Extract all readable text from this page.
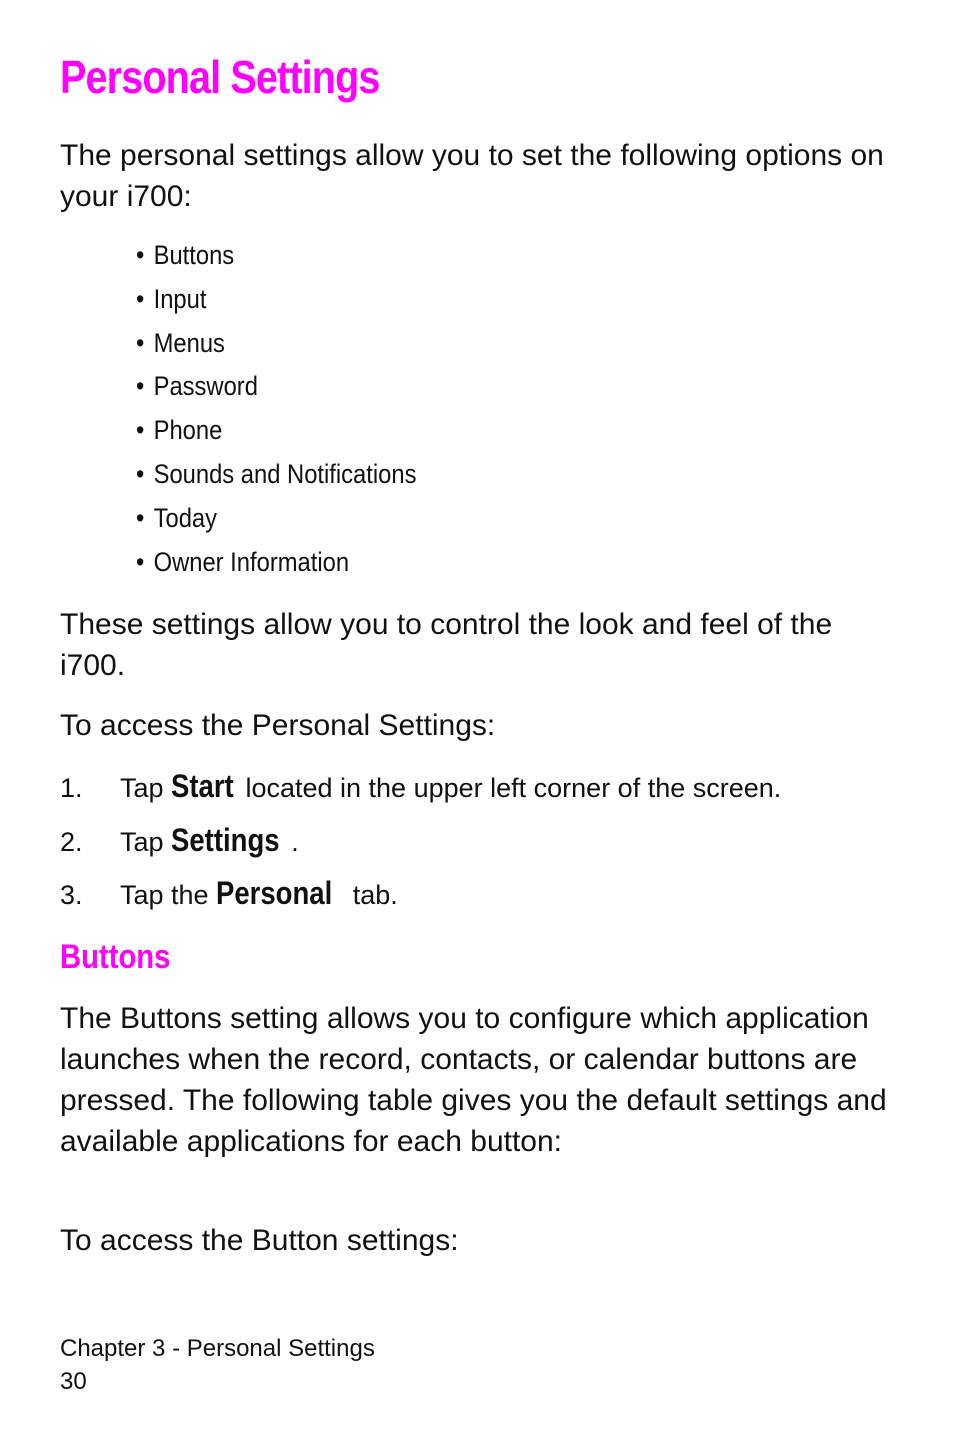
Personal Settings

The personal settings allow you to set the following options on your i700:

• Buttons
• Input
• Menus
• Password
• Phone
• Sounds and Notifications
• Today
• Owner Information

These settings allow you to control the look and feel of the i700.

To access the Personal Settings:

1. Tap Start located in the upper left corner of the screen.
2. Tap Settings .
3. Tap the Personal tab.
Buttons

The Buttons setting allows you to configure which application launches when the record, contacts, or calendar buttons are pressed. The following table gives you the default settings and available applications for each button:

To access the Button settings:

Chapter 3 - Personal Settings
30
